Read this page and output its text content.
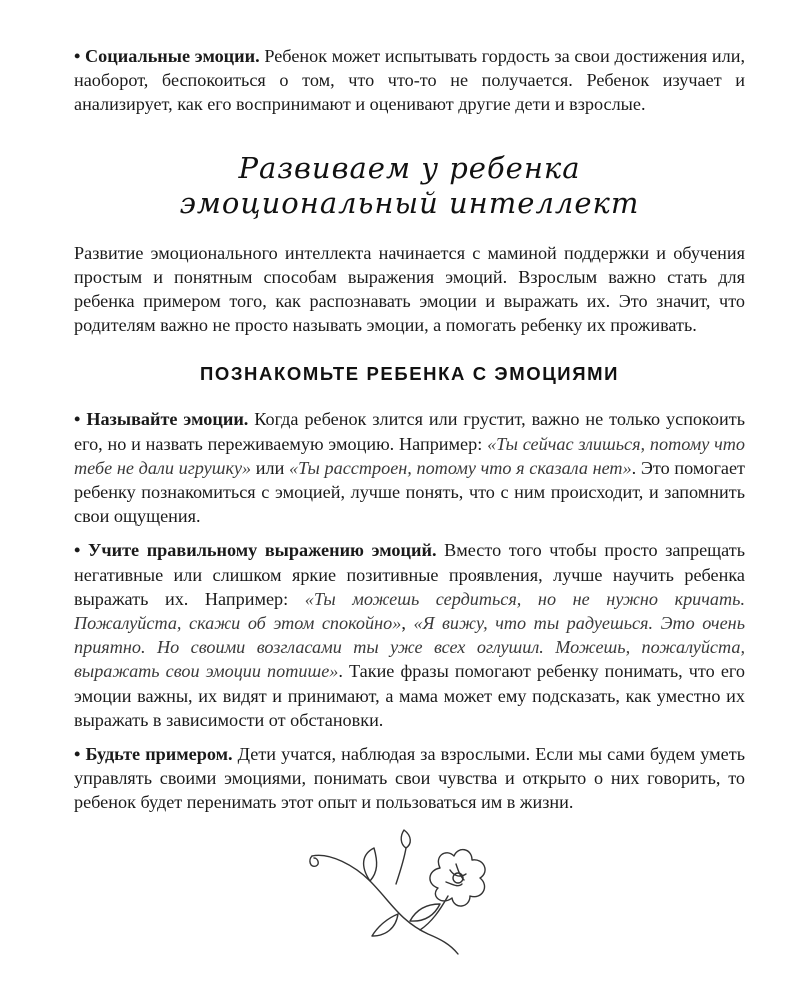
• Социальные эмоции. Ребенок может испытывать гордость за свои достижения или, наоборот, беспокоиться о том, что что-то не получается. Ребенок изучает и анализирует, как его воспринимают и оценивают другие дети и взрослые.

Развиваем у ребенка
эмоциональный интеллект

Развитие эмоционального интеллекта начинается с маминой поддержки и обучения простым и понятным способам выражения эмоций. Взрослым важно стать для ребенка примером того, как распознавать эмоции и выражать их. Это значит, что родителям важно не просто называть эмоции, а помогать ребенку их проживать.

ПОЗНАКОМЬТЕ РЕБЕНКА С ЭМОЦИЯМИ

• Называйте эмоции. Когда ребенок злится или грустит, важно не только успокоить его, но и назвать переживаемую эмоцию. Например: «Ты сейчас злишься, потому что тебе не дали игрушку» или «Ты расстроен, потому что я сказала нет». Это помогает ребенку познакомиться с эмоцией, лучше понять, что с ним происходит, и запомнить свои ощущения.

• Учите правильному выражению эмоций. Вместо того чтобы просто запрещать негативные или слишком яркие позитивные проявления, лучше научить ребенка выражать их. Например: «Ты можешь сердиться, но не нужно кричать. Пожалуйста, скажи об этом спокойно», «Я вижу, что ты радуешься. Это очень приятно. Но своими возгласами ты уже всех оглушил. Можешь, пожалуйста, выражать свои эмоции потише». Такие фразы помогают ребенку понимать, что его эмоции важны, их видят и принимают, а мама может ему подсказать, как уместно их выражать в зависимости от обстановки.

• Будьте примером. Дети учатся, наблюдая за взрослыми. Если мы сами будем уметь управлять своими эмоциями, понимать свои чувства и открыто о них говорить, то ребенок будет перенимать этот опыт и пользоваться им в жизни.
